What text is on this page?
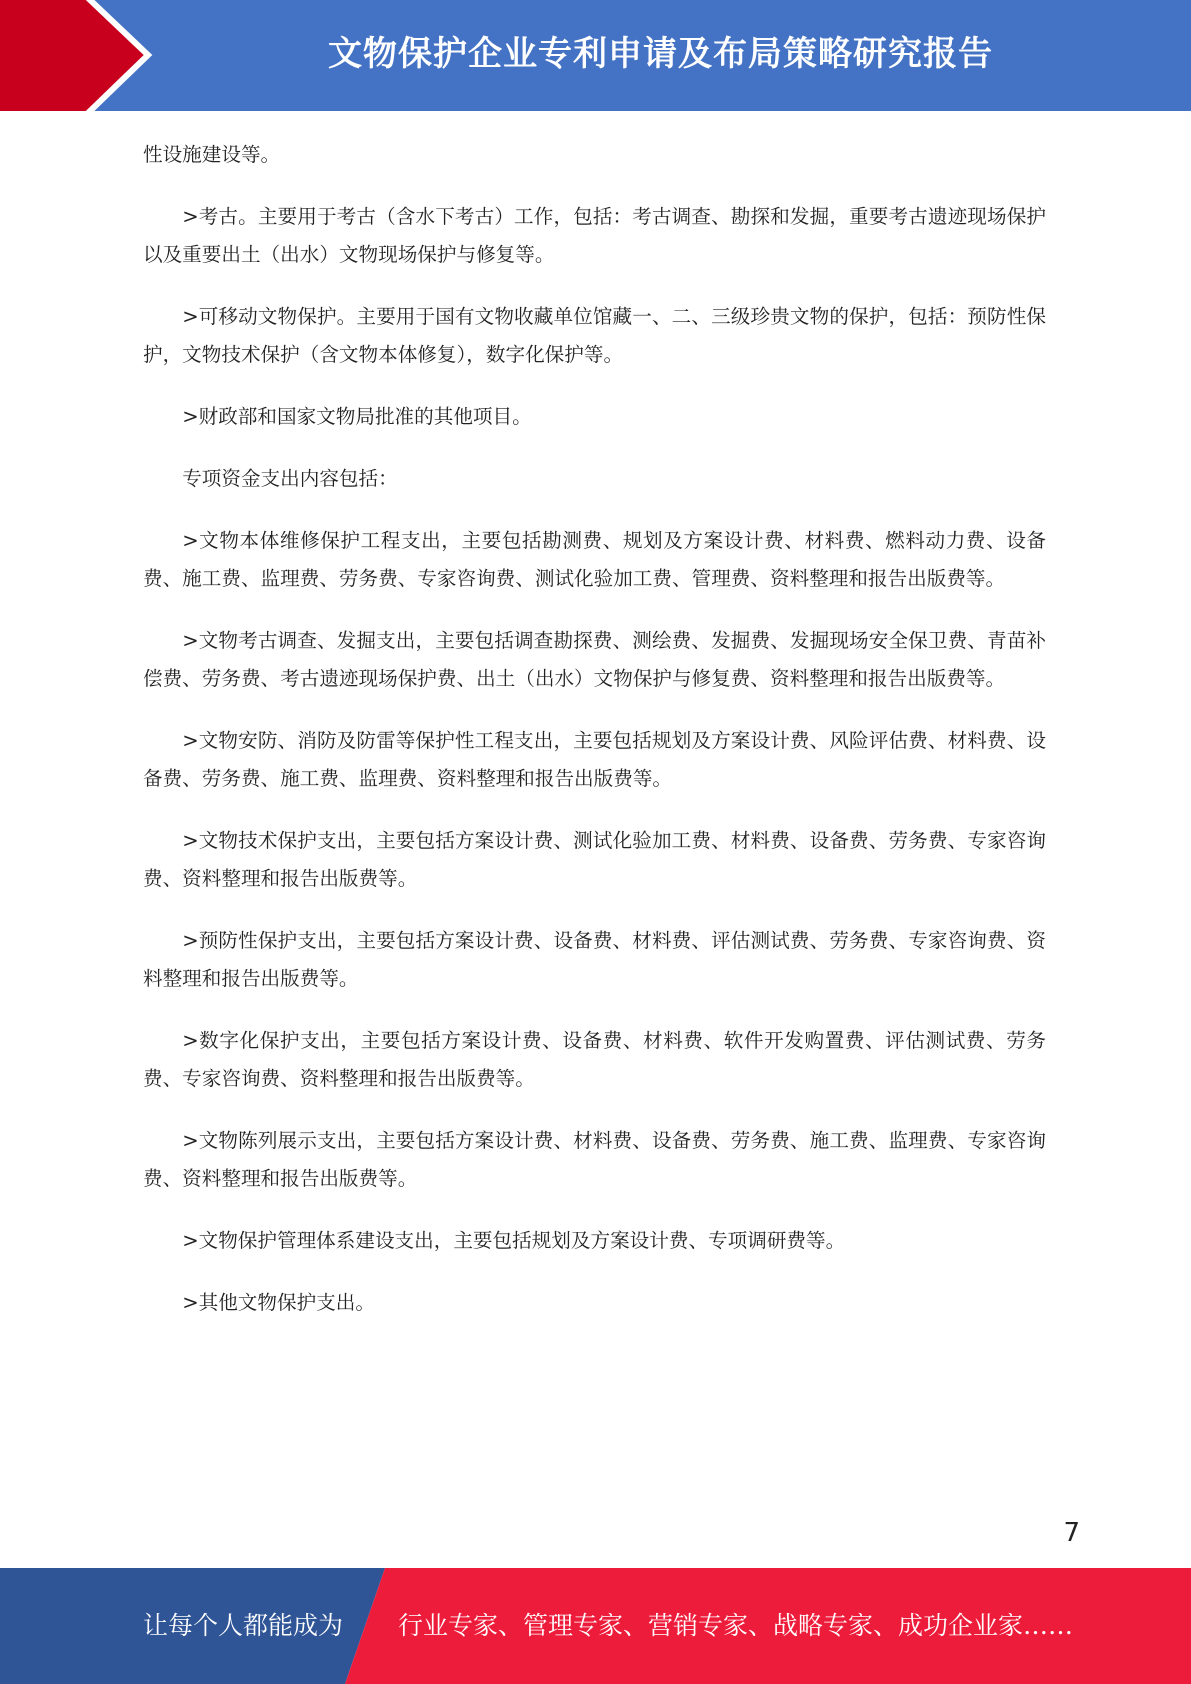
文物保护企业专利申请及布局策略研究报告

性设施建设等。

>考古。主要用于考古（含水下考古）工作，包括：考古调查、勘探和发掘，重要考古遗迹现场保护以及重要出土（出水）文物现场保护与修复等。

>可移动文物保护。主要用于国有文物收藏单位馆藏一、二、三级珍贵文物的保护，包括：预防性保护，文物技术保护（含文物本体修复），数字化保护等。

>财政部和国家文物局批准的其他项目。

专项资金支出内容包括：

>文物本体维修保护工程支出，主要包括勘测费、规划及方案设计费、材料费、燃料动力费、设备费、施工费、监理费、劳务费、专家咨询费、测试化验加工费、管理费、资料整理和报告出版费等。

>文物考古调查、发掘支出，主要包括调查勘探费、测绘费、发掘费、发掘现场安全保卫费、青苗补偿费、劳务费、考古遗迹现场保护费、出土（出水）文物保护与修复费、资料整理和报告出版费等。

>文物安防、消防及防雷等保护性工程支出，主要包括规划及方案设计费、风险评估费、材料费、设备费、劳务费、施工费、监理费、资料整理和报告出版费等。

>文物技术保护支出，主要包括方案设计费、测试化验加工费、材料费、设备费、劳务费、专家咨询费、资料整理和报告出版费等。

>预防性保护支出，主要包括方案设计费、设备费、材料费、评估测试费、劳务费、专家咨询费、资料整理和报告出版费等。

>数字化保护支出，主要包括方案设计费、设备费、材料费、软件开发购置费、评估测试费、劳务费、专家咨询费、资料整理和报告出版费等。

>文物陈列展示支出，主要包括方案设计费、材料费、设备费、劳务费、施工费、监理费、专家咨询费、资料整理和报告出版费等。

>文物保护管理体系建设支出，主要包括规划及方案设计费、专项调研费等。

>其他文物保护支出。

7
让每个人都能成为 行业专家、管理专家、营销专家、战略专家、成功企业家……
